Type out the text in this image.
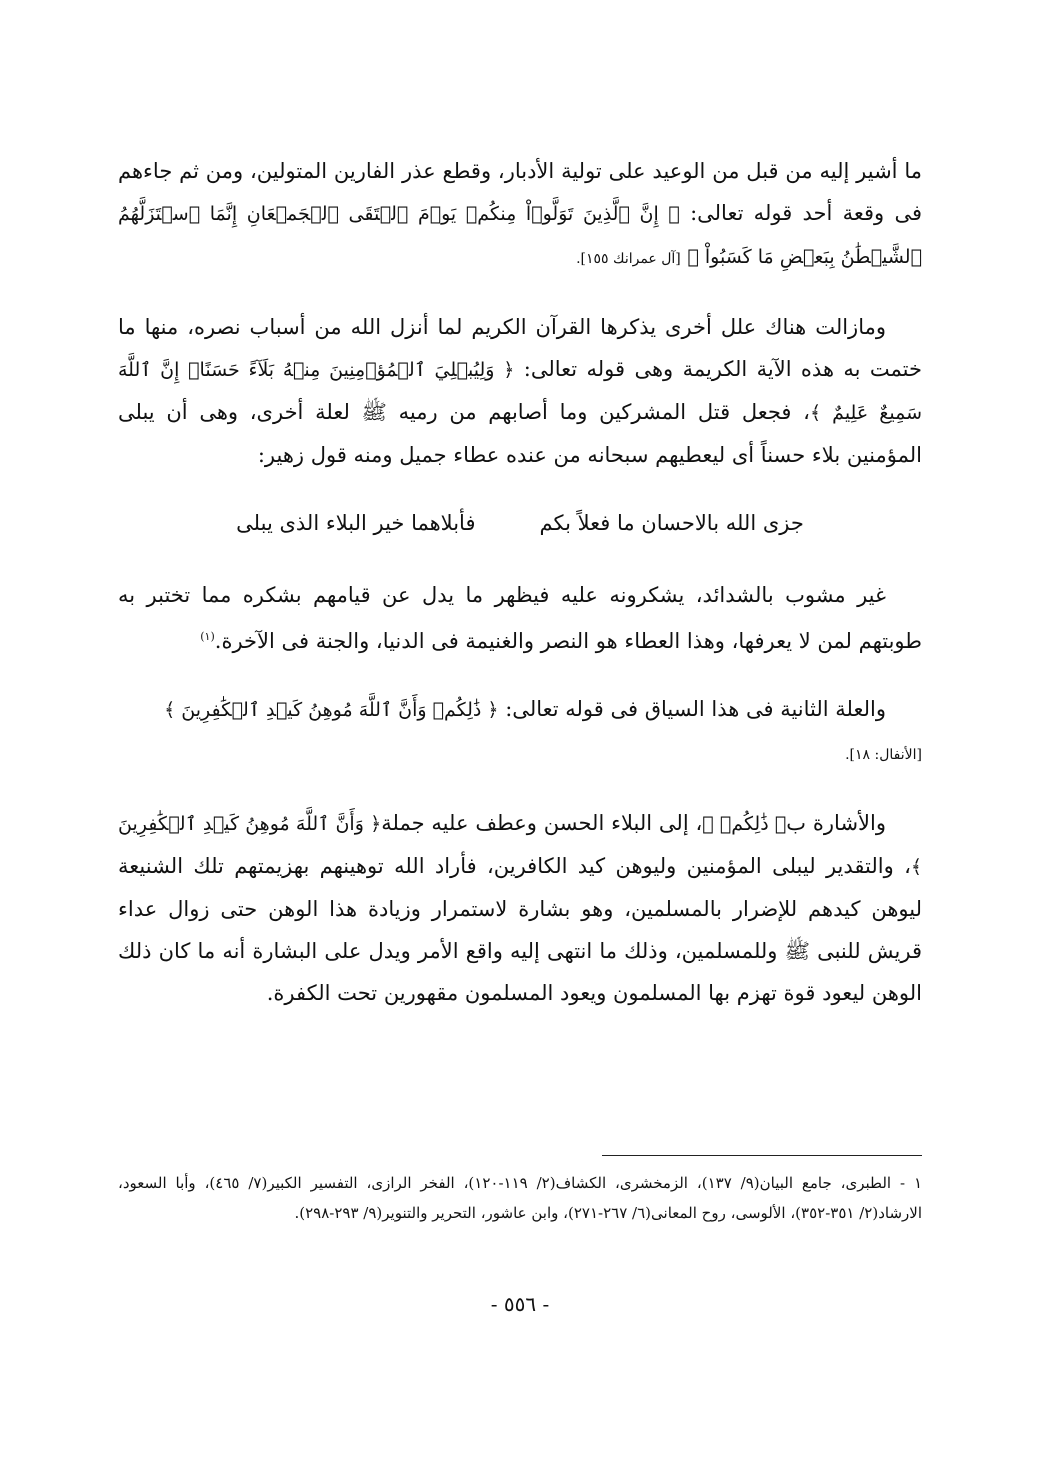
ما أشير إليه من قبل من الوعيد على تولية الأدبار، وقطع عذر الفارين المتولين، ومن ثم جاءهم فى وقعة أحد قوله تعالى: ﴿ إِنَّ ٱلَّذِينَ تَوَلَّوۡاْ مِنكُمۡ يَوۡمَ ٱلۡتَقَى ٱلۡجَمۡعَانِ إِنَّمَا ٱسۡتَزَلَّهُمُ ٱلشَّيۡطَٰنُ بِبَعۡضِ مَا كَسَبُواْ ﴾ [آل عمرانك ١٥٥].

ومازالت هناك علل أخرى يذكرها القرآن الكريم لما أنزل الله من أسباب نصره، منها ما ختمت به هذه الآية الكريمة وهى قوله تعالى: ﴿ وَلِيُبۡلِيَ ٱلۡمُؤۡمِنِينَ مِنۡهُ بَلَآءً حَسَنًاۚ إِنَّ ٱللَّهَ سَمِيعٌ عَلِيمٌ ﴾، فجعل قتل المشركين وما أصابهم من رميه ﷺ لعلة أخرى، وهى أن يبلى المؤمنين بلاء حسناً أى ليعطيهم سبحانه من عنده عطاء جميل ومنه قول زهير:

جزى الله بالاحسان ما فعلاً بكم
فأبلاهما خير البلاء الذى يبلى

غير مشوب بالشدائد، يشكرونه عليه فيظهر ما يدل عن قيامهم بشكره مما تختبر به طوبتهم لمن لا يعرفها، وهذا العطاء هو النصر والغنيمة فى الدنيا، والجنة فى الآخرة.$^{(١)}$

والعلة الثانية فى هذا السياق فى قوله تعالى: ﴿ ذَٰلِكُمۡ وَأَنَّ ٱللَّهَ مُوهِنُ كَيۡدِ ٱلۡكَٰفِرِينَ ﴾
[الأنفال: ١٨].

والأشارة ب﴿ ذَٰلِكُمۡ ﴾، إلى البلاء الحسن وعطف عليه جملة﴿ وَأَنَّ ٱللَّهَ مُوهِنُ كَيۡدِ ٱلۡكَٰفِرِينَ ﴾، والتقدير ليبلى المؤمنين وليوهن كيد الكافرين، فأراد الله توهينهم بهزيمتهم تلك الشنيعة ليوهن كيدهم للإضرار بالمسلمين، وهو بشارة لاستمرار وزيادة هذا الوهن حتى زوال عداء قريش للنبى ﷺ وللمسلمين، وذلك ما انتهى إليه واقع الأمر ويدل على البشارة أنه ما كان ذلك الوهن ليعود قوة تهزم بها المسلمون ويعود المسلمون مقهورين تحت الكفرة.

١ - الطبرى، جامع البيان(٩/ ١٣٧)، الزمخشرى، الكشاف(٢/ ١١٩-١٢٠)، الفخر الرازى، التفسير الكبير(٧/ ٤٦٥)، وأبا السعود، الارشاد(٢/ ٣٥١-٣٥٢)، الألوسى، روح المعانى(٦/ ٢٦٧-٢٧١)، وابن عاشور، التحرير والتنوير(٩/ ٢٩٣-٢٩٨).
- ٥٥٦ -
